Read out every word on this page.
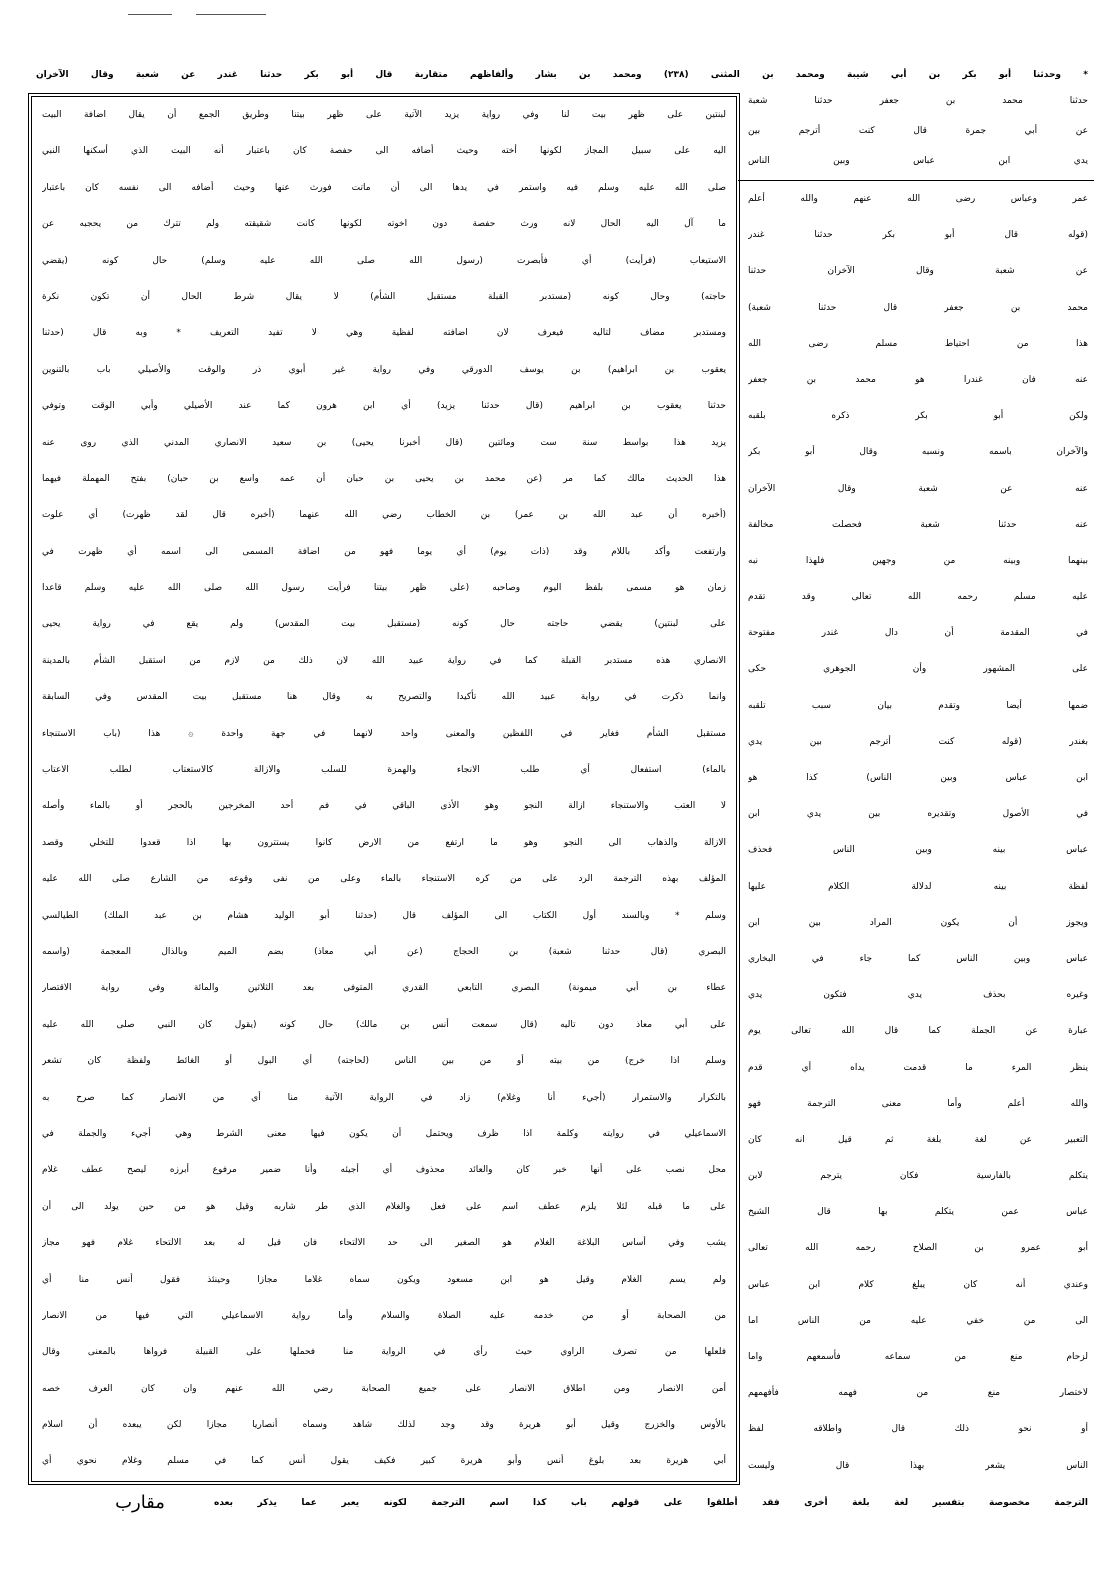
* وحدثنا أبو بكر بن أبي شيبة ومحمد بن المثنى (٢٣٨) ومحمد بن بشار وألفاظهم متقاربة قال أبو بكر حدثنا غندر عن شعبة وقال الآخران
لبنتين على ظهر بيت لنا وفي رواية يزيد الآتية على ظهر بيتنا وطريق الجمع أن يقال اضافة البيت
اليه على سبيل المجاز لكونها أخته وحيث أضافه الى حفصة كان باعتبار أنه البيت الذي أسكنها النبي
صلى الله عليه وسلم فيه واستمر في يدها الى أن ماتت فورث عنها وحيث أضافه الى نفسه كان باعتبار
ما آل اليه الحال لانه ورث حفصة دون اخوته لكونها كانت شقيقته ولم تترك من يحجبه عن
الاستيعاب (فرأيت) أي فأبصرت (رسول الله صلى الله عليه وسلم) حال كونه (يقضي
حاجته) وحال كونه (مستدبر القبلة مستقبل الشأم) لا يقال شرط الحال أن تكون نكرة
ومستدبر مضاف لتاليه فيعرف لان اضافته لفظية وهي لا تفيد التعريف * وبه قال (حدثنا
يعقوب بن ابراهيم) بن يوسف الدورقي وفي رواية غير أبوي ذر والوقت والأصيلي باب بالتنوين
حدثنا يعقوب بن ابراهيم (قال حدثنا يزيد) أي ابن هرون كما عند الأصيلي وأبي الوقت وتوفي
يزيد هذا بواسط سنة ست ومائتين (قال أخبرنا يحيى) بن سعيد الانصاري المدني الذي روى عنه
هذا الحديث مالك كما مر (عن محمد بن يحيى بن حبان أن عمه واسع بن حبان) بفتح المهملة فيهما
(أخبره أن عبد الله بن عمر) بن الخطاب رضي الله عنهما (أخبره قال لقد ظهرت) أي علوت
وارتفعت وأكد باللام وقد (ذات يوم) أي يوما فهو من اضافة المسمى الى اسمه أي ظهرت في
زمان هو مسمى بلفظ اليوم وصاحبه (على ظهر بيتنا فرأيت رسول الله صلى الله عليه وسلم قاعدا
على لبنتين) يقضي حاجته حال كونه (مستقبل بيت المقدس) ولم يقع في رواية يحيى
الانصاري هذه مستدبر القبلة كما في رواية عبيد الله لان ذلك من لازم من استقبل الشأم بالمدينة
وانما ذكرت في رواية عبيد الله تأكيدا والتصريح به وقال هنا مستقبل بيت المقدس وفي السابقة
مستقبل الشأم فغاير في اللفظين والمعنى واحد لانهما في جهة واحدة ۞ هذا (باب الاستنجاء
بالماء) استفعال أي طلب الانجاء والهمزة للسلب والازالة كالاستعتاب لطلب الاعتاب
لا العتب والاستنجاء ازالة النجو وهو الأذى الباقي في فم أحد المخرجين بالحجر أو بالماء وأصله
الازالة والذهاب الى النجو وهو ما ارتفع من الارض كانوا يستترون بها اذا قعدوا للتخلي وقصد
المؤلف بهذه الترجمة الرد على من كره الاستنجاء بالماء وعلى من نفى وقوعه من الشارع صلى الله عليه
وسلم * وبالسند أول الكتاب الى المؤلف قال (حدثنا أبو الوليد هشام بن عبد الملك) الطيالسي
البصري (قال حدثنا شعبة) بن الحجاج (عن أبي معاذ) بضم الميم وبالذال المعجمة (واسمه
عطاء بن أبي ميمونة) البصري التابعي القدري المتوفى بعد الثلاثين والمائة وفي رواية الاقتصار
على أبي معاذ دون تاليه (قال سمعت أنس بن مالك) حال كونه (يقول كان النبي صلى الله عليه
وسلم اذا خرج) من بيته أو من بين الناس (لحاجته) أي البول أو الغائط ولفظة كان تشعر
بالتكرار والاستمرار (أجيء أنا وغلام) زاد في الرواية الآتية منا أي من الانصار كما صرح به
الاسماعيلي في روايته وكلمة اذا ظرف ويحتمل أن يكون فيها معنى الشرط وهي أجيء والجملة في
محل نصب على أنها خبر كان والعائد محذوف أي أجيئه وأنا ضمير مرفوع أبرزه ليصح عطف غلام
على ما قبله لئلا يلزم عطف اسم على فعل والغلام الذي طر شاربه وقيل هو من حين يولد الى أن
يشب وفي أساس البلاغة الغلام هو الصغير الى حد الالتحاء فان قيل له بعد الالتحاء غلام فهو مجاز
ولم يسم الغلام وقيل هو ابن مسعود ويكون سماه غلاما مجازا وحينئذ فقول أنس منا أي
من الصحابة أو من خدمه عليه الصلاة والسلام وأما رواية الاسماعيلي التي فيها من الانصار
فلعلها من تصرف الراوي حيث رأى في الرواية منا فحملها على القبيلة فرواها بالمعنى وقال
أمن الانصار ومن اطلاق الانصار على جميع الصحابة رضي الله عنهم وان كان العرف خصه
بالأوس والخزرج وقيل أبو هريرة وقد وجد لذلك شاهد وسماه أنصاريا مجازا لكن يبعده أن اسلام
أبي هريرة بعد بلوغ أنس وأبو هريرة كبير فكيف يقول أنس كما في مسلم وغلام نحوي أي
حدثنا محمد بن جعفر حدثنا شعبة
عن أبي جمرة قال كنت أترجم بين
يدي ابن عباس وبين الناس
عمر وعباس رضى الله عنهم والله أعلم
(قوله قال أبو بكر حدثنا غندر
عن شعبة وقال الآخران حدثنا
محمد بن جعفر قال حدثنا شعبة)
هذا من احتياط مسلم رضى الله
عنه فان غندرا هو محمد بن جعفر
ولكن أبو بكر ذكره بلقبه
والآخران باسمه ونسبه وقال أبو بكر
عنه عن شعبة وقال الآخران
عنه حدثنا شعبة فحصلت مخالفة
بينهما وبينه من وجهين فلهذا نبه
عليه مسلم رحمه الله تعالى وقد تقدم
في المقدمة أن دال غندر مفتوحة
على المشهور وأن الجوهري حكى
ضمها أيضا وتقدم بيان سبب تلقبه
بغندر (قوله كنت أترجم بين يدي
ابن عباس وبين الناس) كذا هو
في الأصول وتقديره بين يدي ابن
عباس بينه وبين الناس فحذف
لفظة بينه لدلالة الكلام عليها
ويجوز أن يكون المراد بين ابن
عباس وبين الناس كما جاء في البخاري
وغيره بحذف يدي فتكون يدي
عبارة عن الجملة كما قال الله تعالى يوم
ينظر المرء ما قدمت يداه أي قدم
والله أعلم وأما معنى الترجمة فهو
التعبير عن لغة بلغة ثم قيل انه كان
يتكلم بالفارسية فكان يترجم لابن
عباس عمن يتكلم بها قال الشيخ
أبو عمرو بن الصلاح رحمه الله تعالى
وعندي أنه كان يبلغ كلام ابن عباس
الى من خفي عليه من الناس اما
لزحام منع من سماعه فأسمعهم واما
لاختصار منع من فهمه فأفهمهم
أو نحو ذلك قال واطلاقه لفظ
الناس يشعر بهذا قال وليست
الترجمة مخصوصة بتفسير لغة بلغة أخرى فقد أطلقوا على قولهم باب كذا اسم الترجمة لكونه يعبر عما يذكر بعده
مقارب
